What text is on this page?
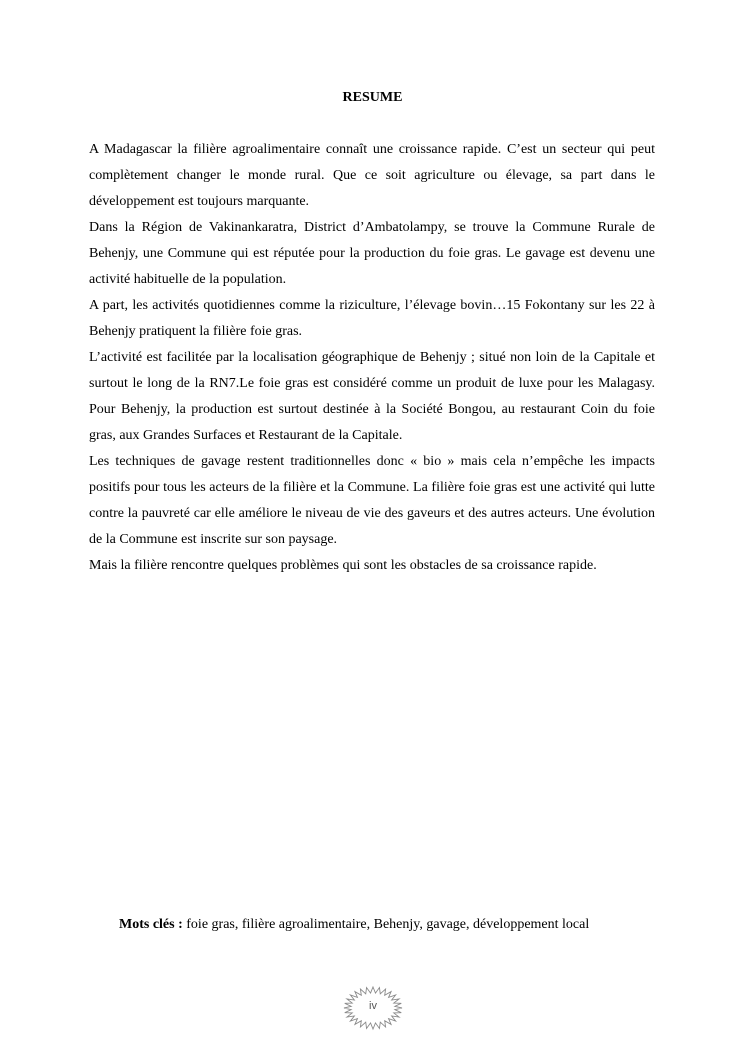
RESUME

A Madagascar la filière agroalimentaire connaît une croissance rapide. C’est un secteur qui peut complètement changer le monde rural. Que ce soit agriculture ou élevage, sa part dans le développement est toujours marquante.

Dans la Région de Vakinankaratra, District d’Ambatolampy, se trouve la Commune Rurale de Behenjy, une Commune qui est réputée pour la production du foie gras. Le gavage est devenu une activité habituelle de la population.

A part, les activités quotidiennes comme la riziculture, l’élevage bovin…15 Fokontany sur les 22 à Behenjy pratiquent la filière foie gras.

L’activité est facilitée par la localisation géographique de Behenjy ; situé non loin de la Capitale et surtout le long de la RN7.Le foie gras est considéré comme un produit de luxe pour les Malagasy. Pour Behenjy, la production est surtout destinée à la Société Bongou, au restaurant Coin du foie gras, aux Grandes Surfaces et Restaurant de la Capitale.

Les techniques de gavage restent traditionnelles donc « bio » mais cela n’empêche les impacts positifs pour tous les acteurs de la filière et la Commune. La filière foie gras est une activité qui lutte contre la pauvreté car elle améliore le niveau de vie des gaveurs et des autres acteurs. Une évolution de la Commune est inscrite sur son paysage.

Mais la filière rencontre quelques problèmes qui sont les obstacles de sa croissance rapide.

Mots clés : foie gras, filière agroalimentaire, Behenjy, gavage, développement local
iv
